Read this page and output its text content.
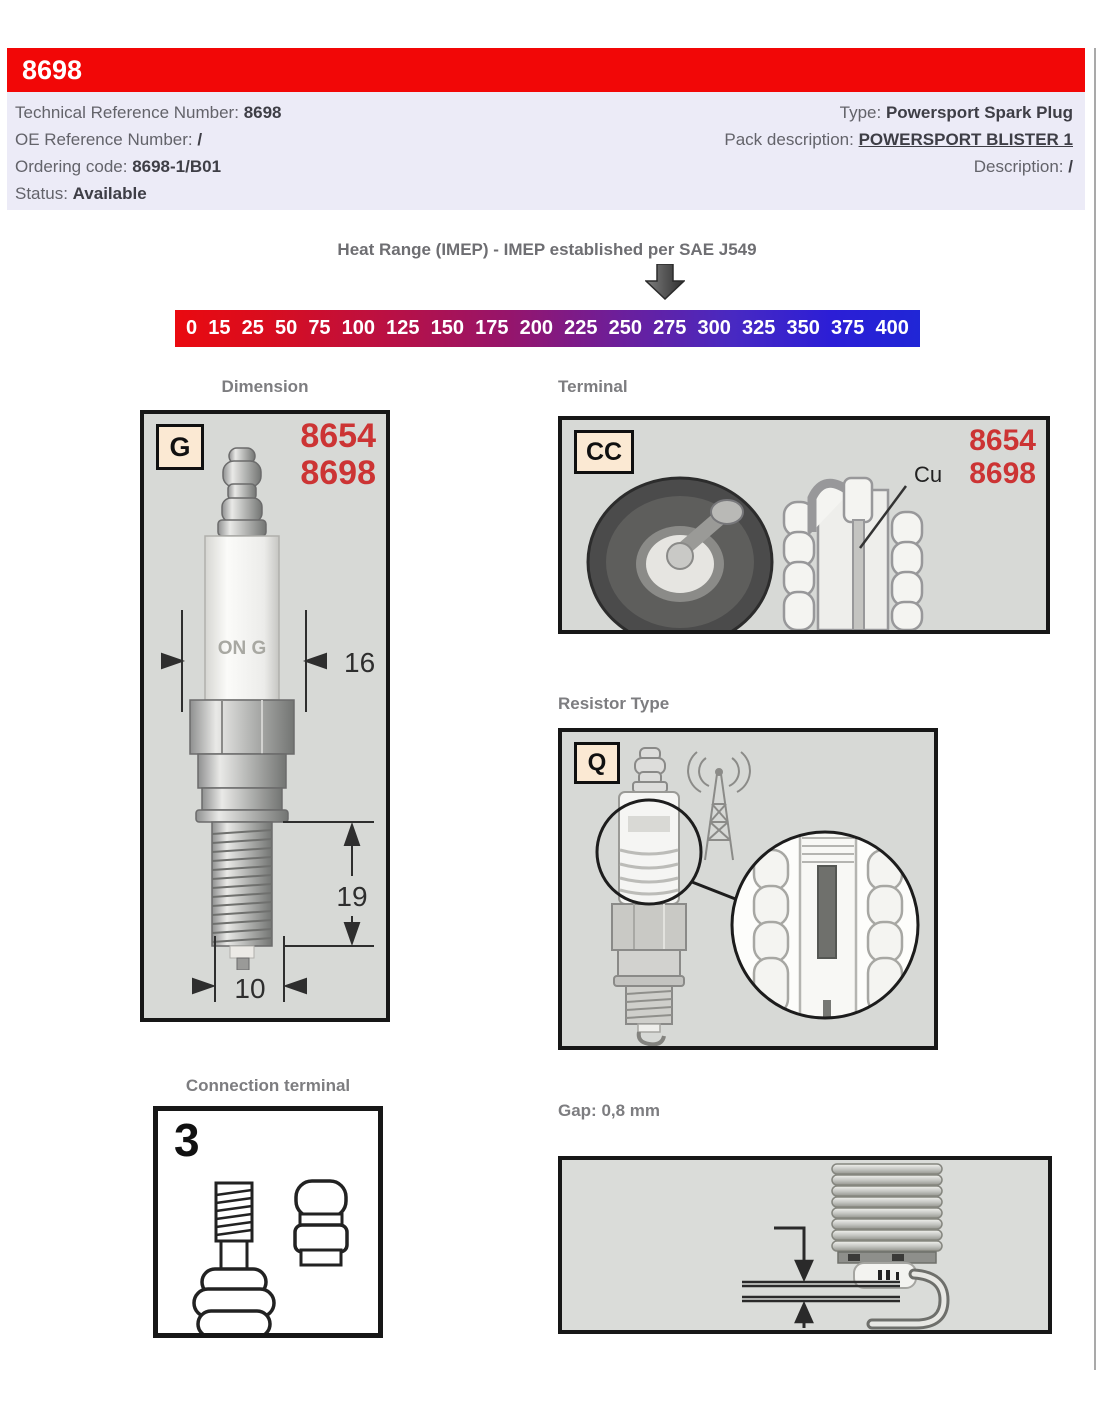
8698
Technical Reference Number: 8698
OE Reference Number: /
Ordering code: 8698-1/B01
Status: Available
Type: Powersport Spark Plug
Pack description: POWERSPORT BLISTER 1
Description: /
Heat Range (IMEP) - IMEP established per SAE J549
0 15 25 50 75 100 125 150 175 200 225 250 275 300 325 350 375 400
Dimension	Terminal
Resistor Type
Connection terminal
Gap: 0,8 mm
G	8654
8698
ON G	16
19
10
CC	8654
8698
Cu
Q
3
